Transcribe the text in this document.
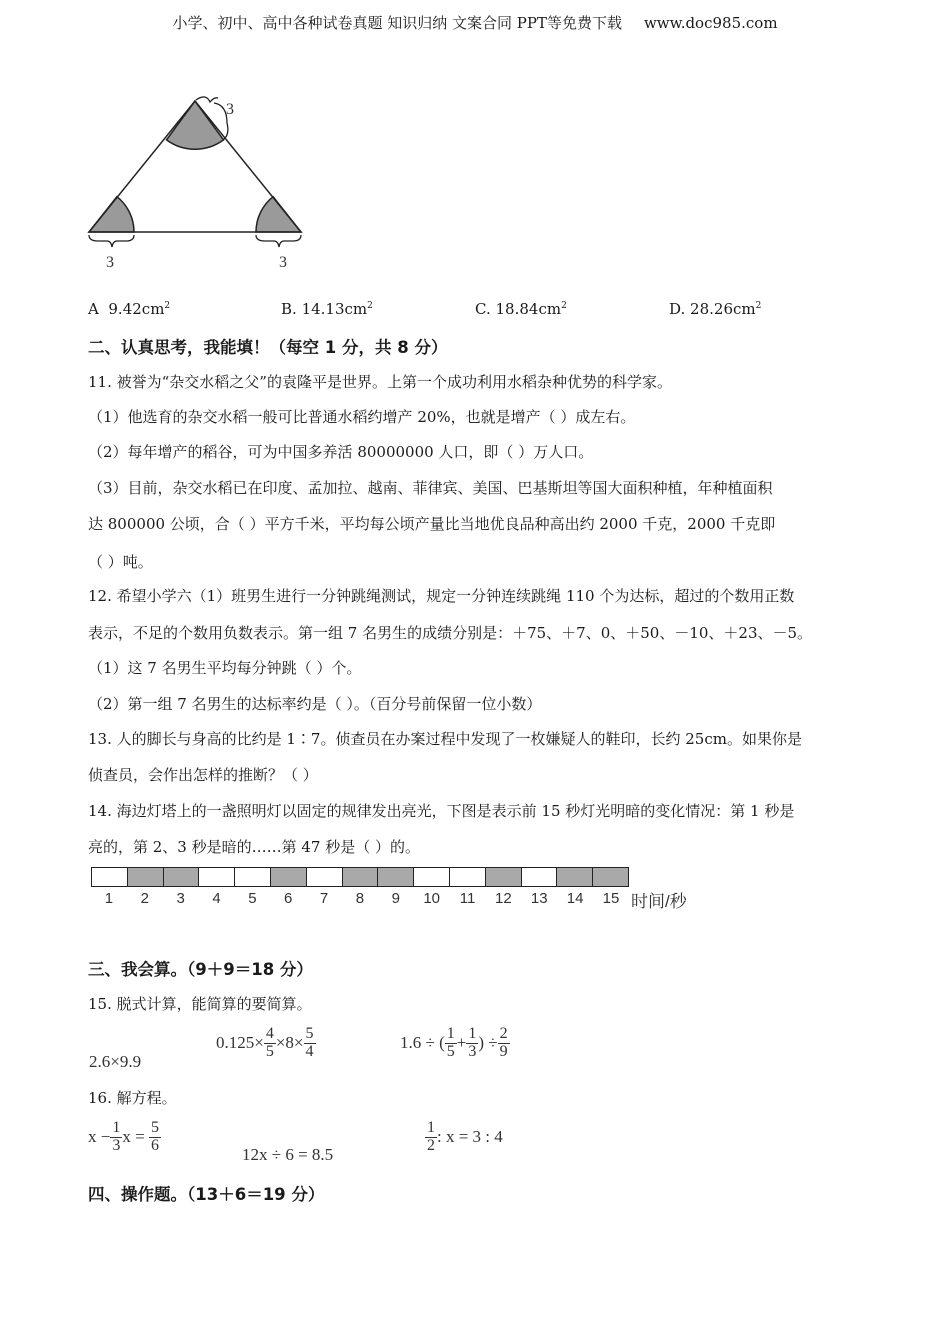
小学、初中、高中各种试卷真题 知识归纳 文案合同 PPT等免费下载 www.doc985.com
3
3	3
A $9.42cm^2$	B. $14.13cm^2$	C. $18.84cm^2$	D. $28.26cm^2$
二、认真思考，我能填！（每空 1 分，共 8 分）
11. 被誉为“杂交水稻之父”的袁隆平是世界。上第一个成功利用水稻杂种优势的科学家。
（1）他选育的杂交水稻一般可比普通水稻约增产 20%，也就是增产（ ）成左右。
（2）每年增产的稻谷，可为中国多养活 80000000 人口，即（ ）万人口。
（3）目前，杂交水稻已在印度、孟加拉、越南、菲律宾、美国、巴基斯坦等国大面积种植，年种植面积
达 800000 公顷，合（ ）平方千米，平均每公顷产量比当地优良品种高出约 2000 千克，2000 千克即
（ ）吨。
12. 希望小学六（1）班男生进行一分钟跳绳测试，规定一分钟连续跳绳 110 个为达标，超过的个数用正数
表示，不足的个数用负数表示。第一组 7 名男生的成绩分别是：＋75、＋7、0、＋50、－10、＋23、－5。
（1）这 7 名男生平均每分钟跳（ ）个。
（2）第一组 7 名男生的达标率约是（ ）。（百分号前保留一位小数）
13. 人的脚长与身高的比约是 1∶7。侦查员在办案过程中发现了一枚嫌疑人的鞋印，长约 25cm。如果你是
侦查员，会作出怎样的推断？（ ）
14. 海边灯塔上的一盏照明灯以固定的规律发出亮光，下图是表示前 15 秒灯光明暗的变化情况：第 1 秒是
亮的，第 2、3 秒是暗的……第 47 秒是（ ）的。
1	2	3	4	5	6	7	8	9	10	11	12	13	14	15 时间/秒
三、我会算。（9＋9＝18 分）
15. 脱式计算，能简算的要简算。
2.6×9.9
$0.125\times \frac{4}{5} \times 8\times \frac{5}{4}$	1.6 ÷ ( $\frac{1}{5} + \frac{1}{3}$ ) ÷ $\frac{2}{9}$
16. 解方程。
$x - \frac{1}{3}$ $x = \frac{5}{6}$	12x ÷ 6 = 8.5	$\frac{1}{2}$ : x = 3 : 4
四、操作题。（13＋6＝19 分）
